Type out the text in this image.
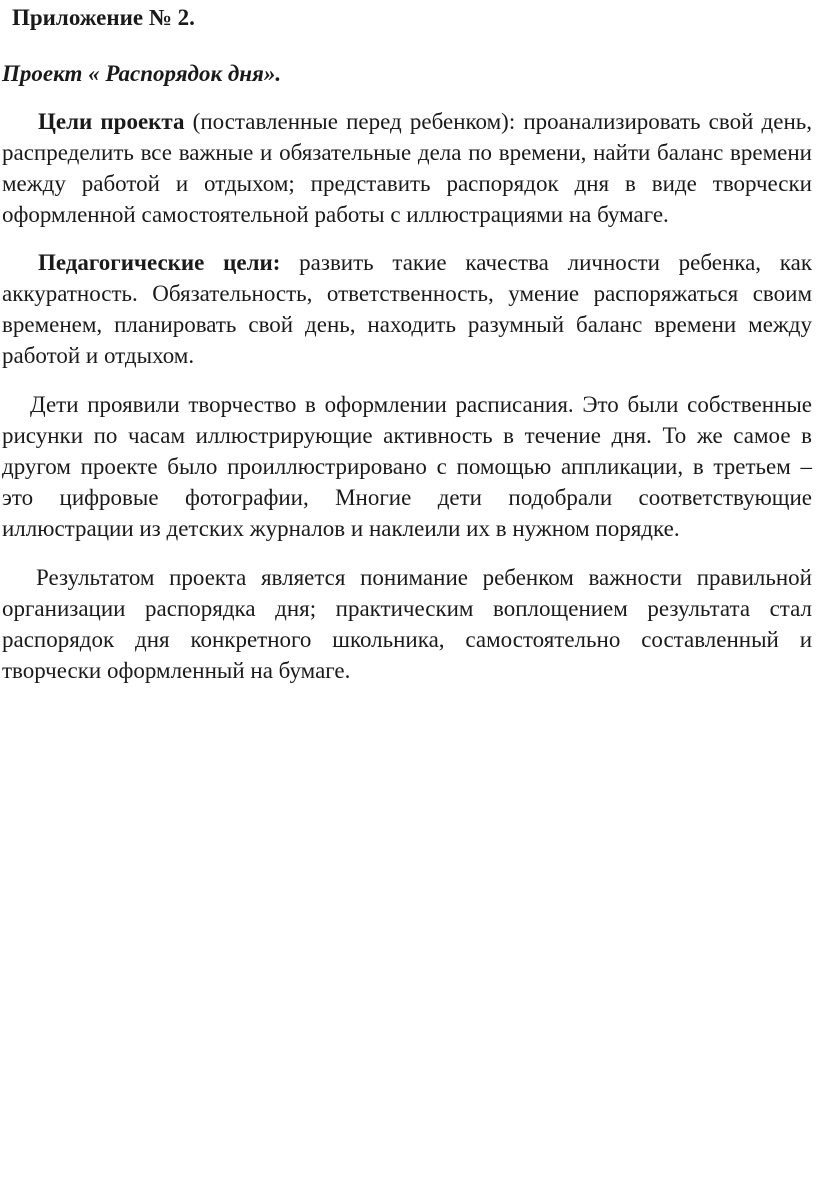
Приложение № 2.
Проект « Распорядок дня».

Цели проекта (поставленные перед ребенком): проанализировать свой день, распределить все важные и обязательные дела по времени, найти баланс времени между работой и отдыхом; представить распорядок дня в виде творчески оформленной самостоятельной работы с иллюстрациями на бумаге.

Педагогические цели: развить такие качества личности ребенка, как аккуратность. Обязательность, ответственность, умение распоряжаться своим временем, планировать свой день, находить разумный баланс времени между работой и отдыхом.

Дети проявили творчество в оформлении расписания. Это были собственные рисунки по часам иллюстрирующие активность в течение дня. То же самое в другом проекте было проиллюстрировано с помощью аппликации, в третьем – это цифровые фотографии, Многие дети подобрали соответствующие иллюстрации из детских журналов и наклеили их в нужном порядке.

Результатом проекта является понимание ребенком важности правильной организации распорядка дня; практическим воплощением результата стал распорядок дня конкретного школьника, самостоятельно составленный и творчески оформленный на бумаге.
